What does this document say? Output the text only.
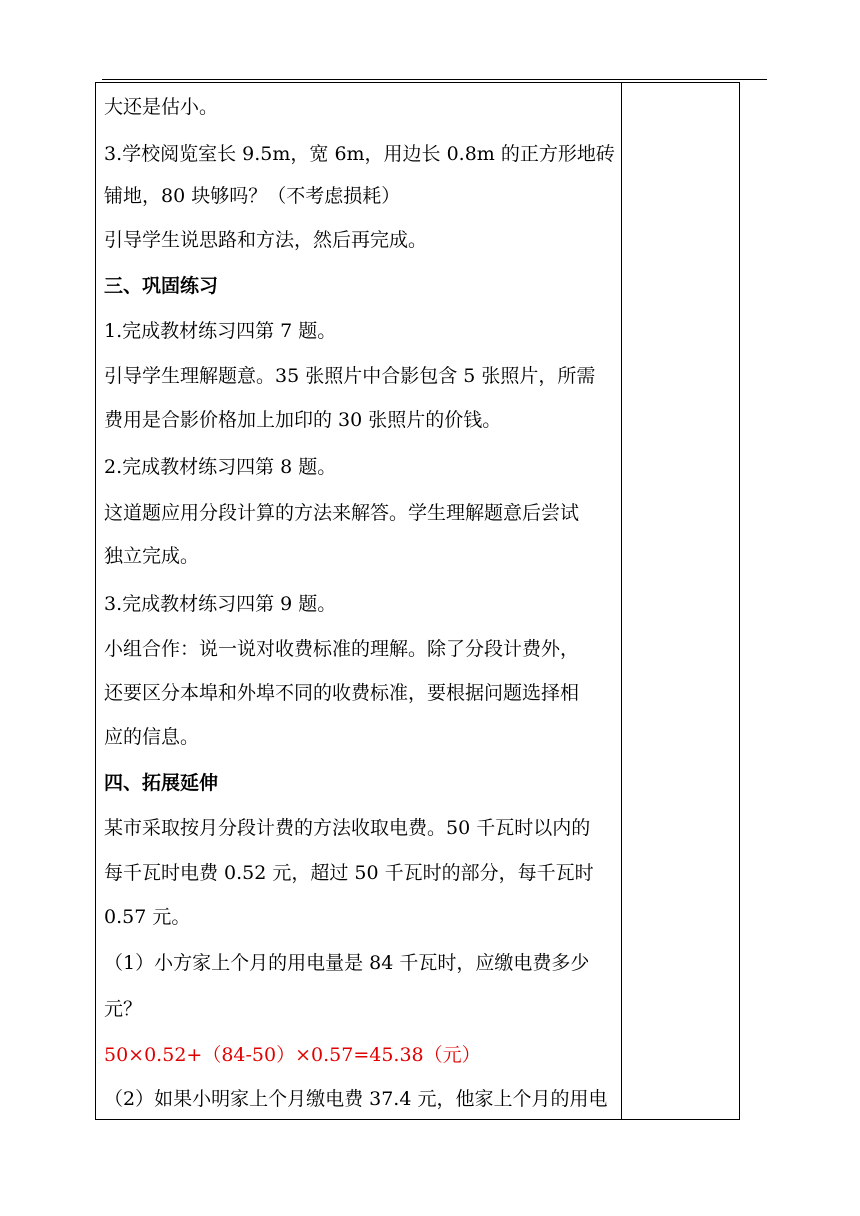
大还是估小。
3.学校阅览室长 9.5m，宽 6m，用边长 0.8m 的正方形地砖
铺地，80 块够吗？（不考虑损耗）
引导学生说思路和方法，然后再完成。
三、巩固练习
1.完成教材练习四第 7 题。
引导学生理解题意。35 张照片中合影包含 5 张照片，所需
费用是合影价格加上加印的 30 张照片的价钱。
2.完成教材练习四第 8 题。
这道题应用分段计算的方法来解答。学生理解题意后尝试
独立完成。
3.完成教材练习四第 9 题。
小组合作：说一说对收费标准的理解。除了分段计费外，
还要区分本埠和外埠不同的收费标准，要根据问题选择相
应的信息。
四、拓展延伸
某市采取按月分段计费的方法收取电费。50 千瓦时以内的
每千瓦时电费 0.52 元，超过 50 千瓦时的部分，每千瓦时
0.57 元。
（1）小方家上个月的用电量是 84 千瓦时，应缴电费多少
元？
50×0.52+（84-50）×0.57=45.38（元）
（2）如果小明家上个月缴电费 37.4 元，他家上个月的用电
